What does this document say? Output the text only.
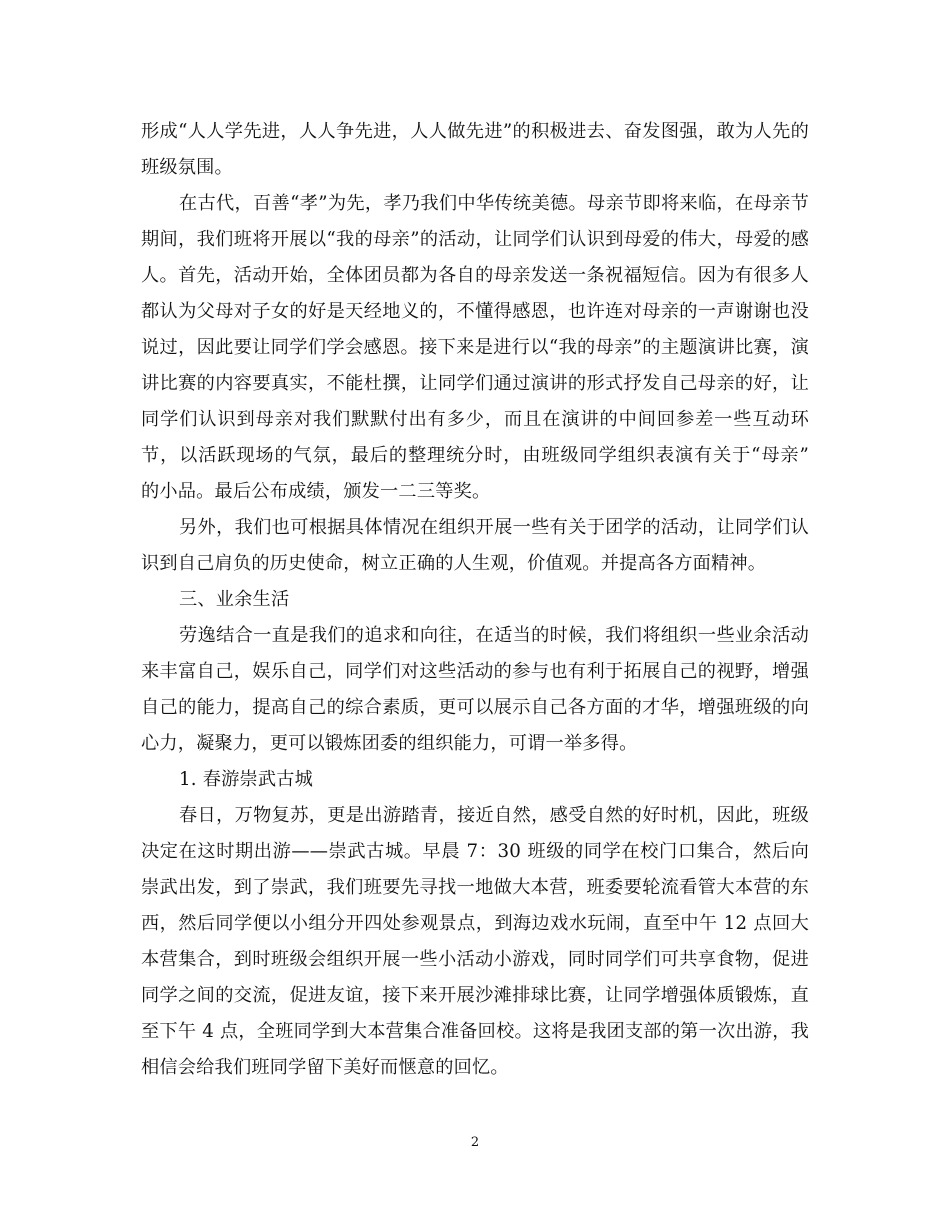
形成“人人学先进，人人争先进，人人做先进”的积极进去、奋发图强，敢为人先的班级氛围。

在古代，百善“孝”为先，孝乃我们中华传统美德。母亲节即将来临，在母亲节期间，我们班将开展以“我的母亲”的活动，让同学们认识到母爱的伟大，母爱的感人。首先，活动开始，全体团员都为各自的母亲发送一条祝福短信。因为有很多人都认为父母对子女的好是天经地义的，不懂得感恩，也许连对母亲的一声谢谢也没说过，因此要让同学们学会感恩。接下来是进行以“我的母亲”的主题演讲比赛，演讲比赛的内容要真实，不能杜撰，让同学们通过演讲的形式抒发自己母亲的好，让同学们认识到母亲对我们默默付出有多少，而且在演讲的中间回参差一些互动环节，以活跃现场的气氛，最后的整理统分时，由班级同学组织表演有关于“母亲” 的小品。最后公布成绩，颁发一二三等奖。

另外，我们也可根据具体情况在组织开展一些有关于团学的活动，让同学们认识到自己肩负的历史使命，树立正确的人生观，价值观。并提高各方面精神。

三、业余生活

劳逸结合一直是我们的追求和向往，在适当的时候，我们将组织一些业余活动来丰富自己，娱乐自己，同学们对这些活动的参与也有利于拓展自己的视野，增强自己的能力，提高自己的综合素质，更可以展示自己各方面的才华，增强班级的向心力，凝聚力，更可以锻炼团委的组织能力，可谓一举多得。

1. 春游崇武古城

春日，万物复苏，更是出游踏青，接近自然，感受自然的好时机，因此，班级决定在这时期出游——崇武古城。早晨 7：30 班级的同学在校门口集合，然后向崇武出发，到了崇武，我们班要先寻找一地做大本营，班委要轮流看管大本营的东西，然后同学便以小组分开四处参观景点，到海边戏水玩闹，直至中午 12 点回大本营集合，到时班级会组织开展一些小活动小游戏，同时同学们可共享食物，促进同学之间的交流，促进友谊，接下来开展沙滩排球比赛，让同学增强体质锻炼，直至下午 4 点，全班同学到大本营集合准备回校。这将是我团支部的第一次出游，我相信会给我们班同学留下美好而惬意的回忆。

2
